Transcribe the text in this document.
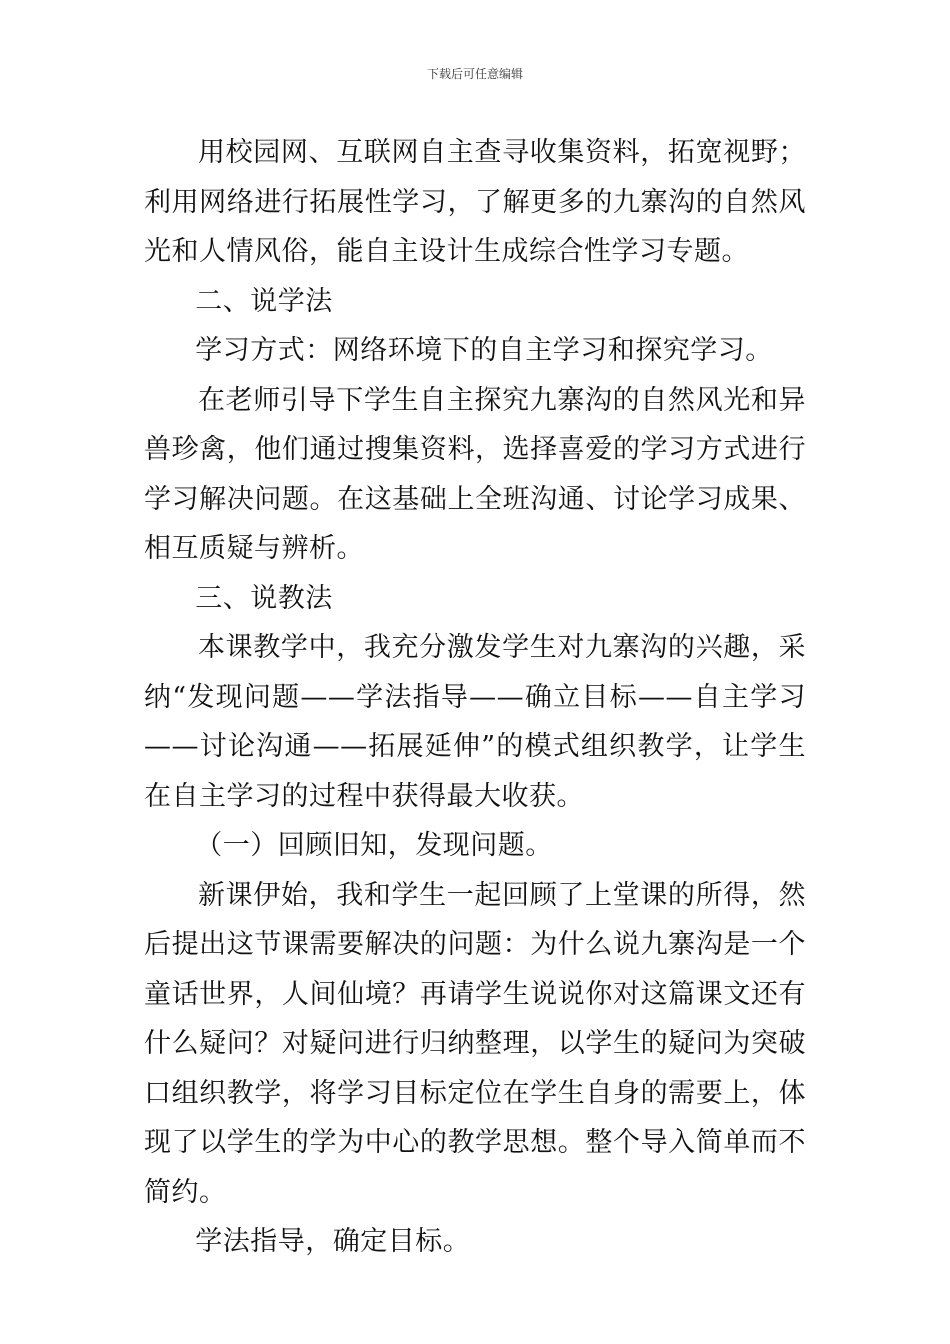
下载后可任意编辑

用校园网、互联网自主查寻收集资料，拓宽视野；利用网络进行拓展性学习，了解更多的九寨沟的自然风光和人情风俗，能自主设计生成综合性学习专题。

二、说学法

学习方式：网络环境下的自主学习和探究学习。

在老师引导下学生自主探究九寨沟的自然风光和异兽珍禽，他们通过搜集资料，选择喜爱的学习方式进行学习解决问题。在这基础上全班沟通、讨论学习成果、相互质疑与辨析。

三、说教法

本课教学中，我充分激发学生对九寨沟的兴趣，采纳“发现问题——学法指导——确立目标——自主学习——讨论沟通——拓展延伸”的模式组织教学，让学生在自主学习的过程中获得最大收获。

（一）回顾旧知，发现问题。

新课伊始，我和学生一起回顾了上堂课的所得，然后提出这节课需要解决的问题：为什么说九寨沟是一个童话世界，人间仙境？再请学生说说你对这篇课文还有什么疑问？对疑问进行归纳整理，以学生的疑问为突破口组织教学，将学习目标定位在学生自身的需要上，体现了以学生的学为中心的教学思想。整个导入简单而不简约。

学法指导，确定目标。
